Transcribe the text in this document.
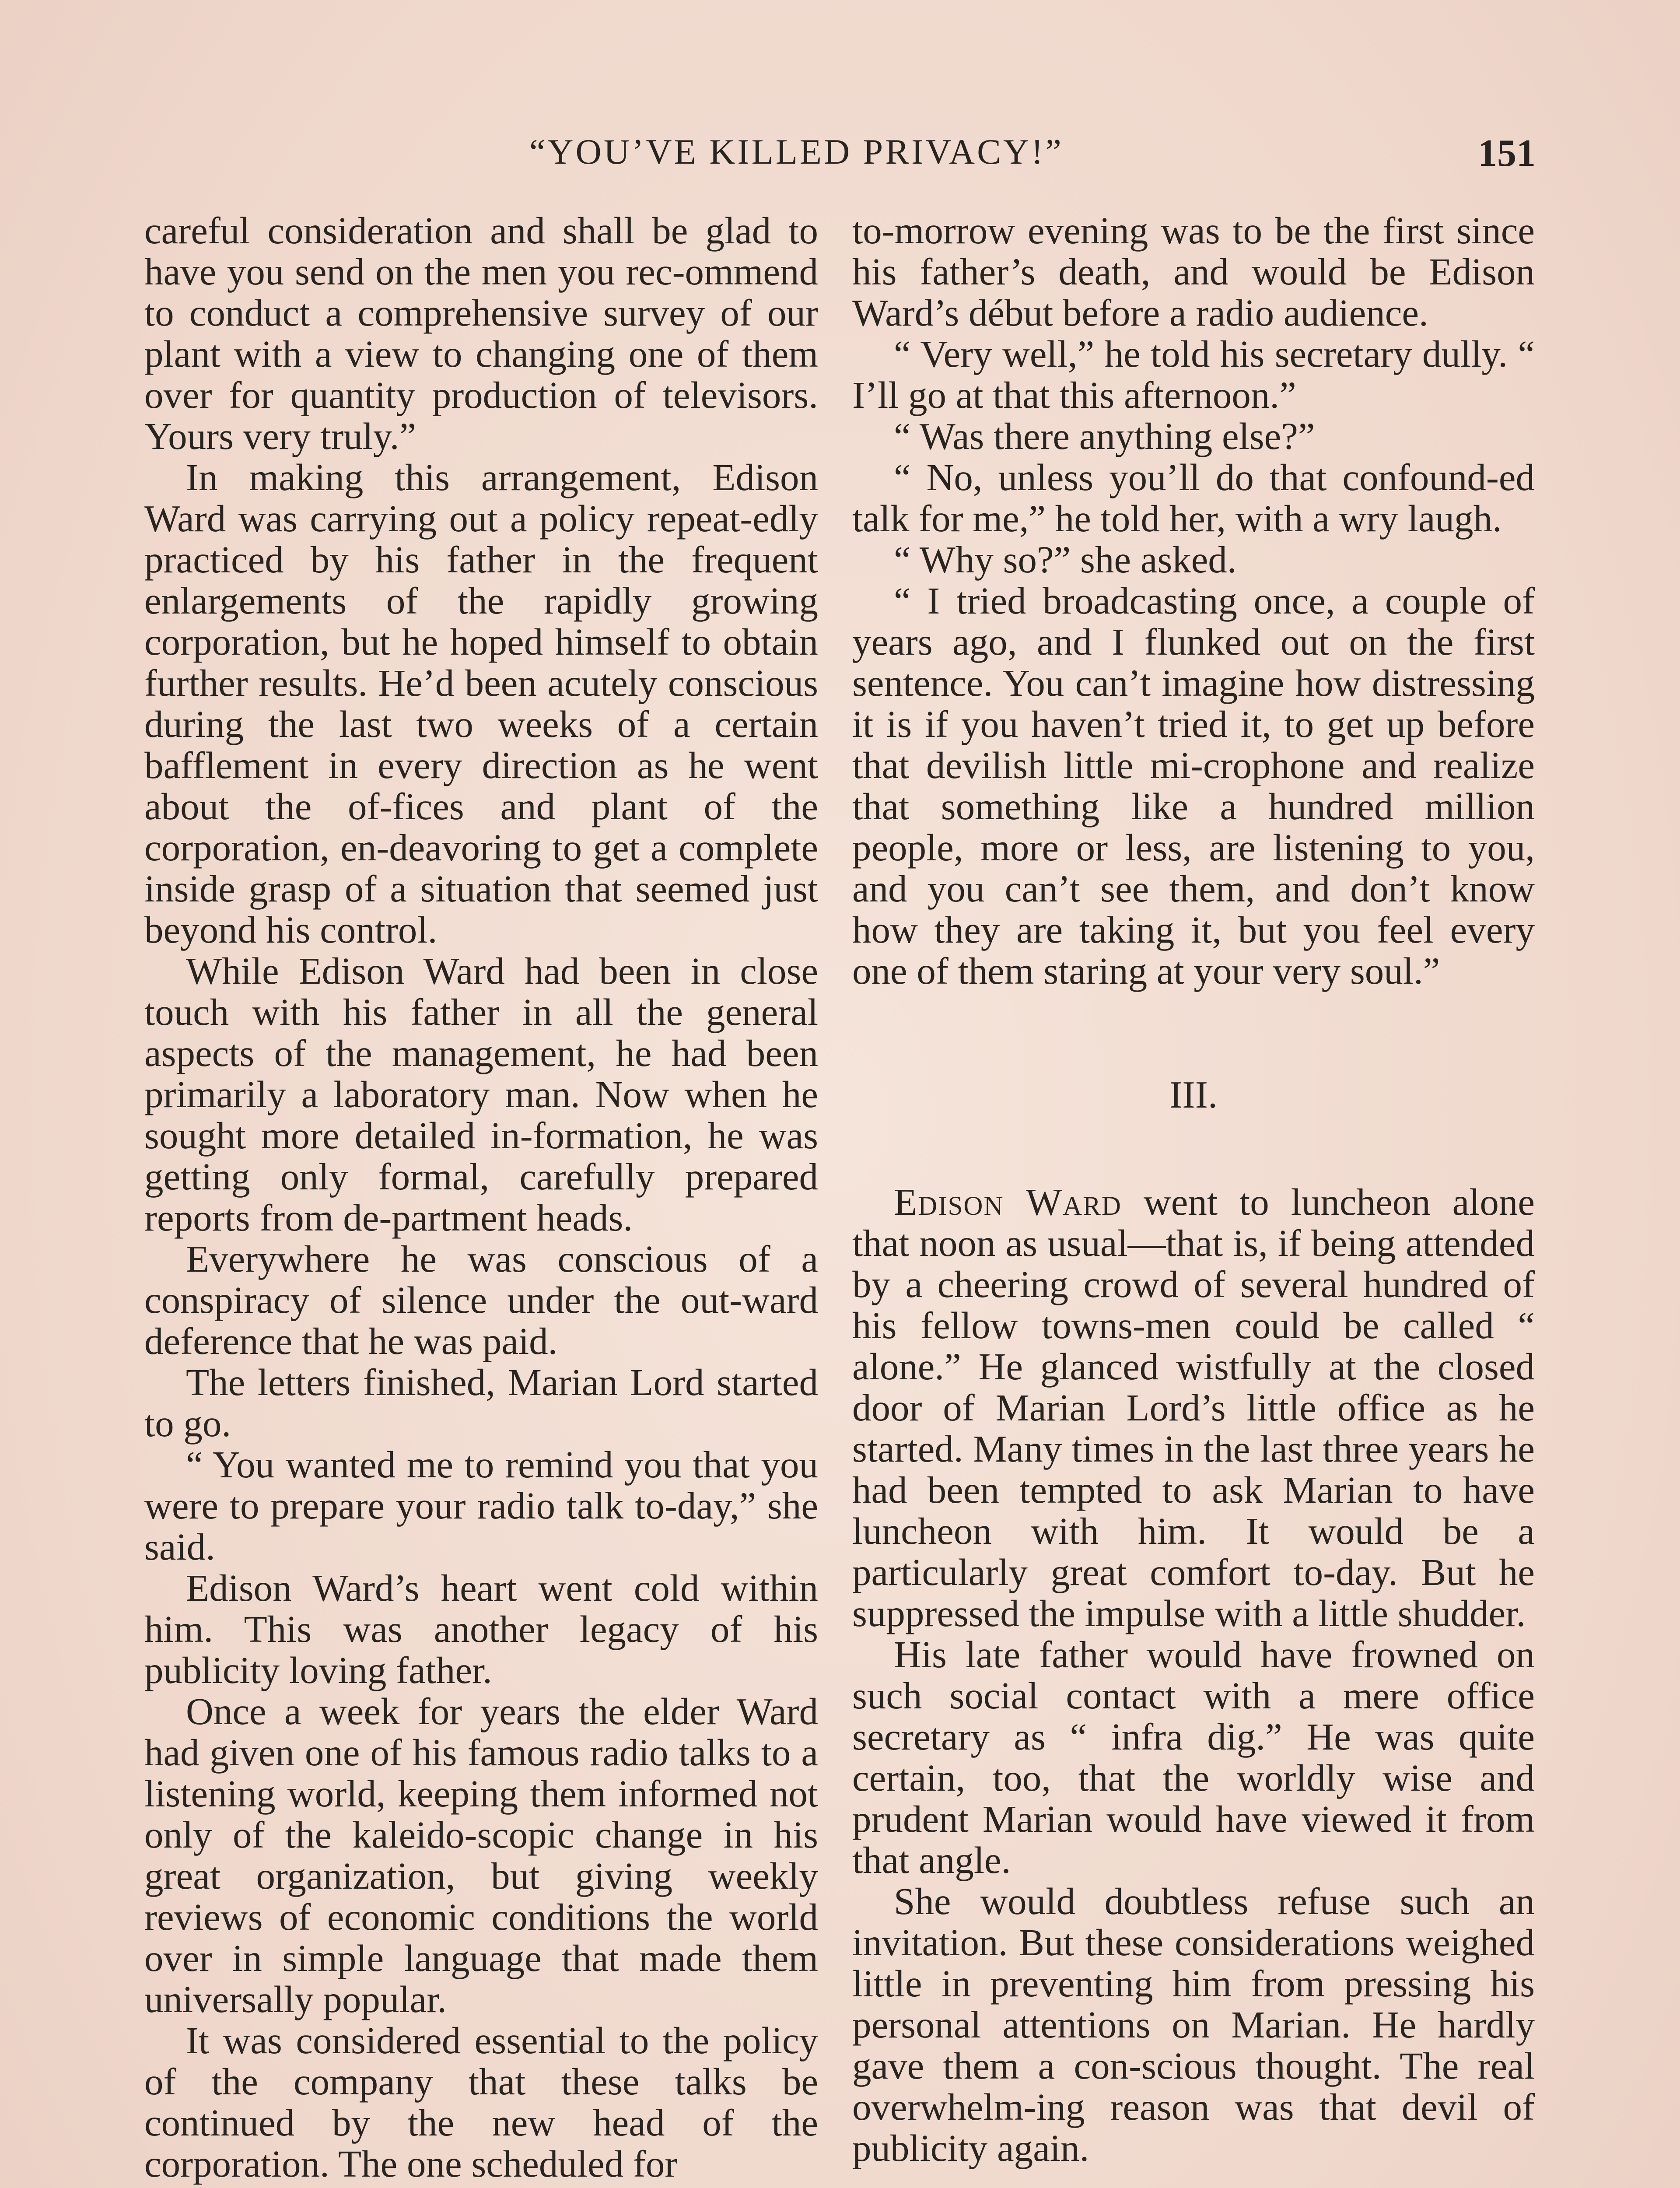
“YOU’VE KILLED PRIVACY!”	151

careful consideration and shall be glad to have you send on the men you rec-ommend to conduct a comprehensive survey of our plant with a view to changing one of them over for quantity production of televisors. Yours very truly.”

In making this arrangement, Edison Ward was carrying out a policy repeat-edly practiced by his father in the frequent enlargements of the rapidly growing corporation, but he hoped himself to obtain further results. He’d been acutely conscious during the last two weeks of a certain bafflement in every direction as he went about the of-fices and plant of the corporation, en-deavoring to get a complete inside grasp of a situation that seemed just beyond his control.

While Edison Ward had been in close touch with his father in all the general aspects of the management, he had been primarily a laboratory man. Now when he sought more detailed in-formation, he was getting only formal, carefully prepared reports from de-partment heads.

Everywhere he was conscious of a conspiracy of silence under the out-ward deference that he was paid.

The letters finished, Marian Lord started to go.

“ You wanted me to remind you that you were to prepare your radio talk to-day,” she said.

Edison Ward’s heart went cold within him. This was another legacy of his publicity loving father.

Once a week for years the elder Ward had given one of his famous radio talks to a listening world, keeping them informed not only of the kaleido-scopic change in his great organization, but giving weekly reviews of economic conditions the world over in simple language that made them universally popular.

It was considered essential to the policy of the company that these talks be continued by the new head of the corporation. The one scheduled for

to-morrow evening was to be the first since his father’s death, and would be Edison Ward’s début before a radio audience.

“ Very well,” he told his secretary dully. “ I’ll go at that this afternoon.”

“ Was there anything else?”

“ No, unless you’ll do that confound-ed talk for me,” he told her, with a wry laugh.

“ Why so?” she asked.

“ I tried broadcasting once, a couple of years ago, and I flunked out on the first sentence. You can’t imagine how distressing it is if you haven’t tried it, to get up before that devilish little mi-crophone and realize that something like a hundred million people, more or less, are listening to you, and you can’t see them, and don’t know how they are taking it, but you feel every one of them staring at your very soul.”

III.

Edison Ward went to luncheon alone that noon as usual—that is, if being attended by a cheering crowd of several hundred of his fellow towns-men could be called “ alone.” He glanced wistfully at the closed door of Marian Lord’s little office as he started. Many times in the last three years he had been tempted to ask Marian to have luncheon with him. It would be a particularly great comfort to-day. But he suppressed the impulse with a little shudder.

His late father would have frowned on such social contact with a mere office secretary as “ infra dig.” He was quite certain, too, that the worldly wise and prudent Marian would have viewed it from that angle.

She would doubtless refuse such an invitation. But these considerations weighed little in preventing him from pressing his personal attentions on Marian. He hardly gave them a con-scious thought. The real overwhelm-ing reason was that devil of publicity again.
